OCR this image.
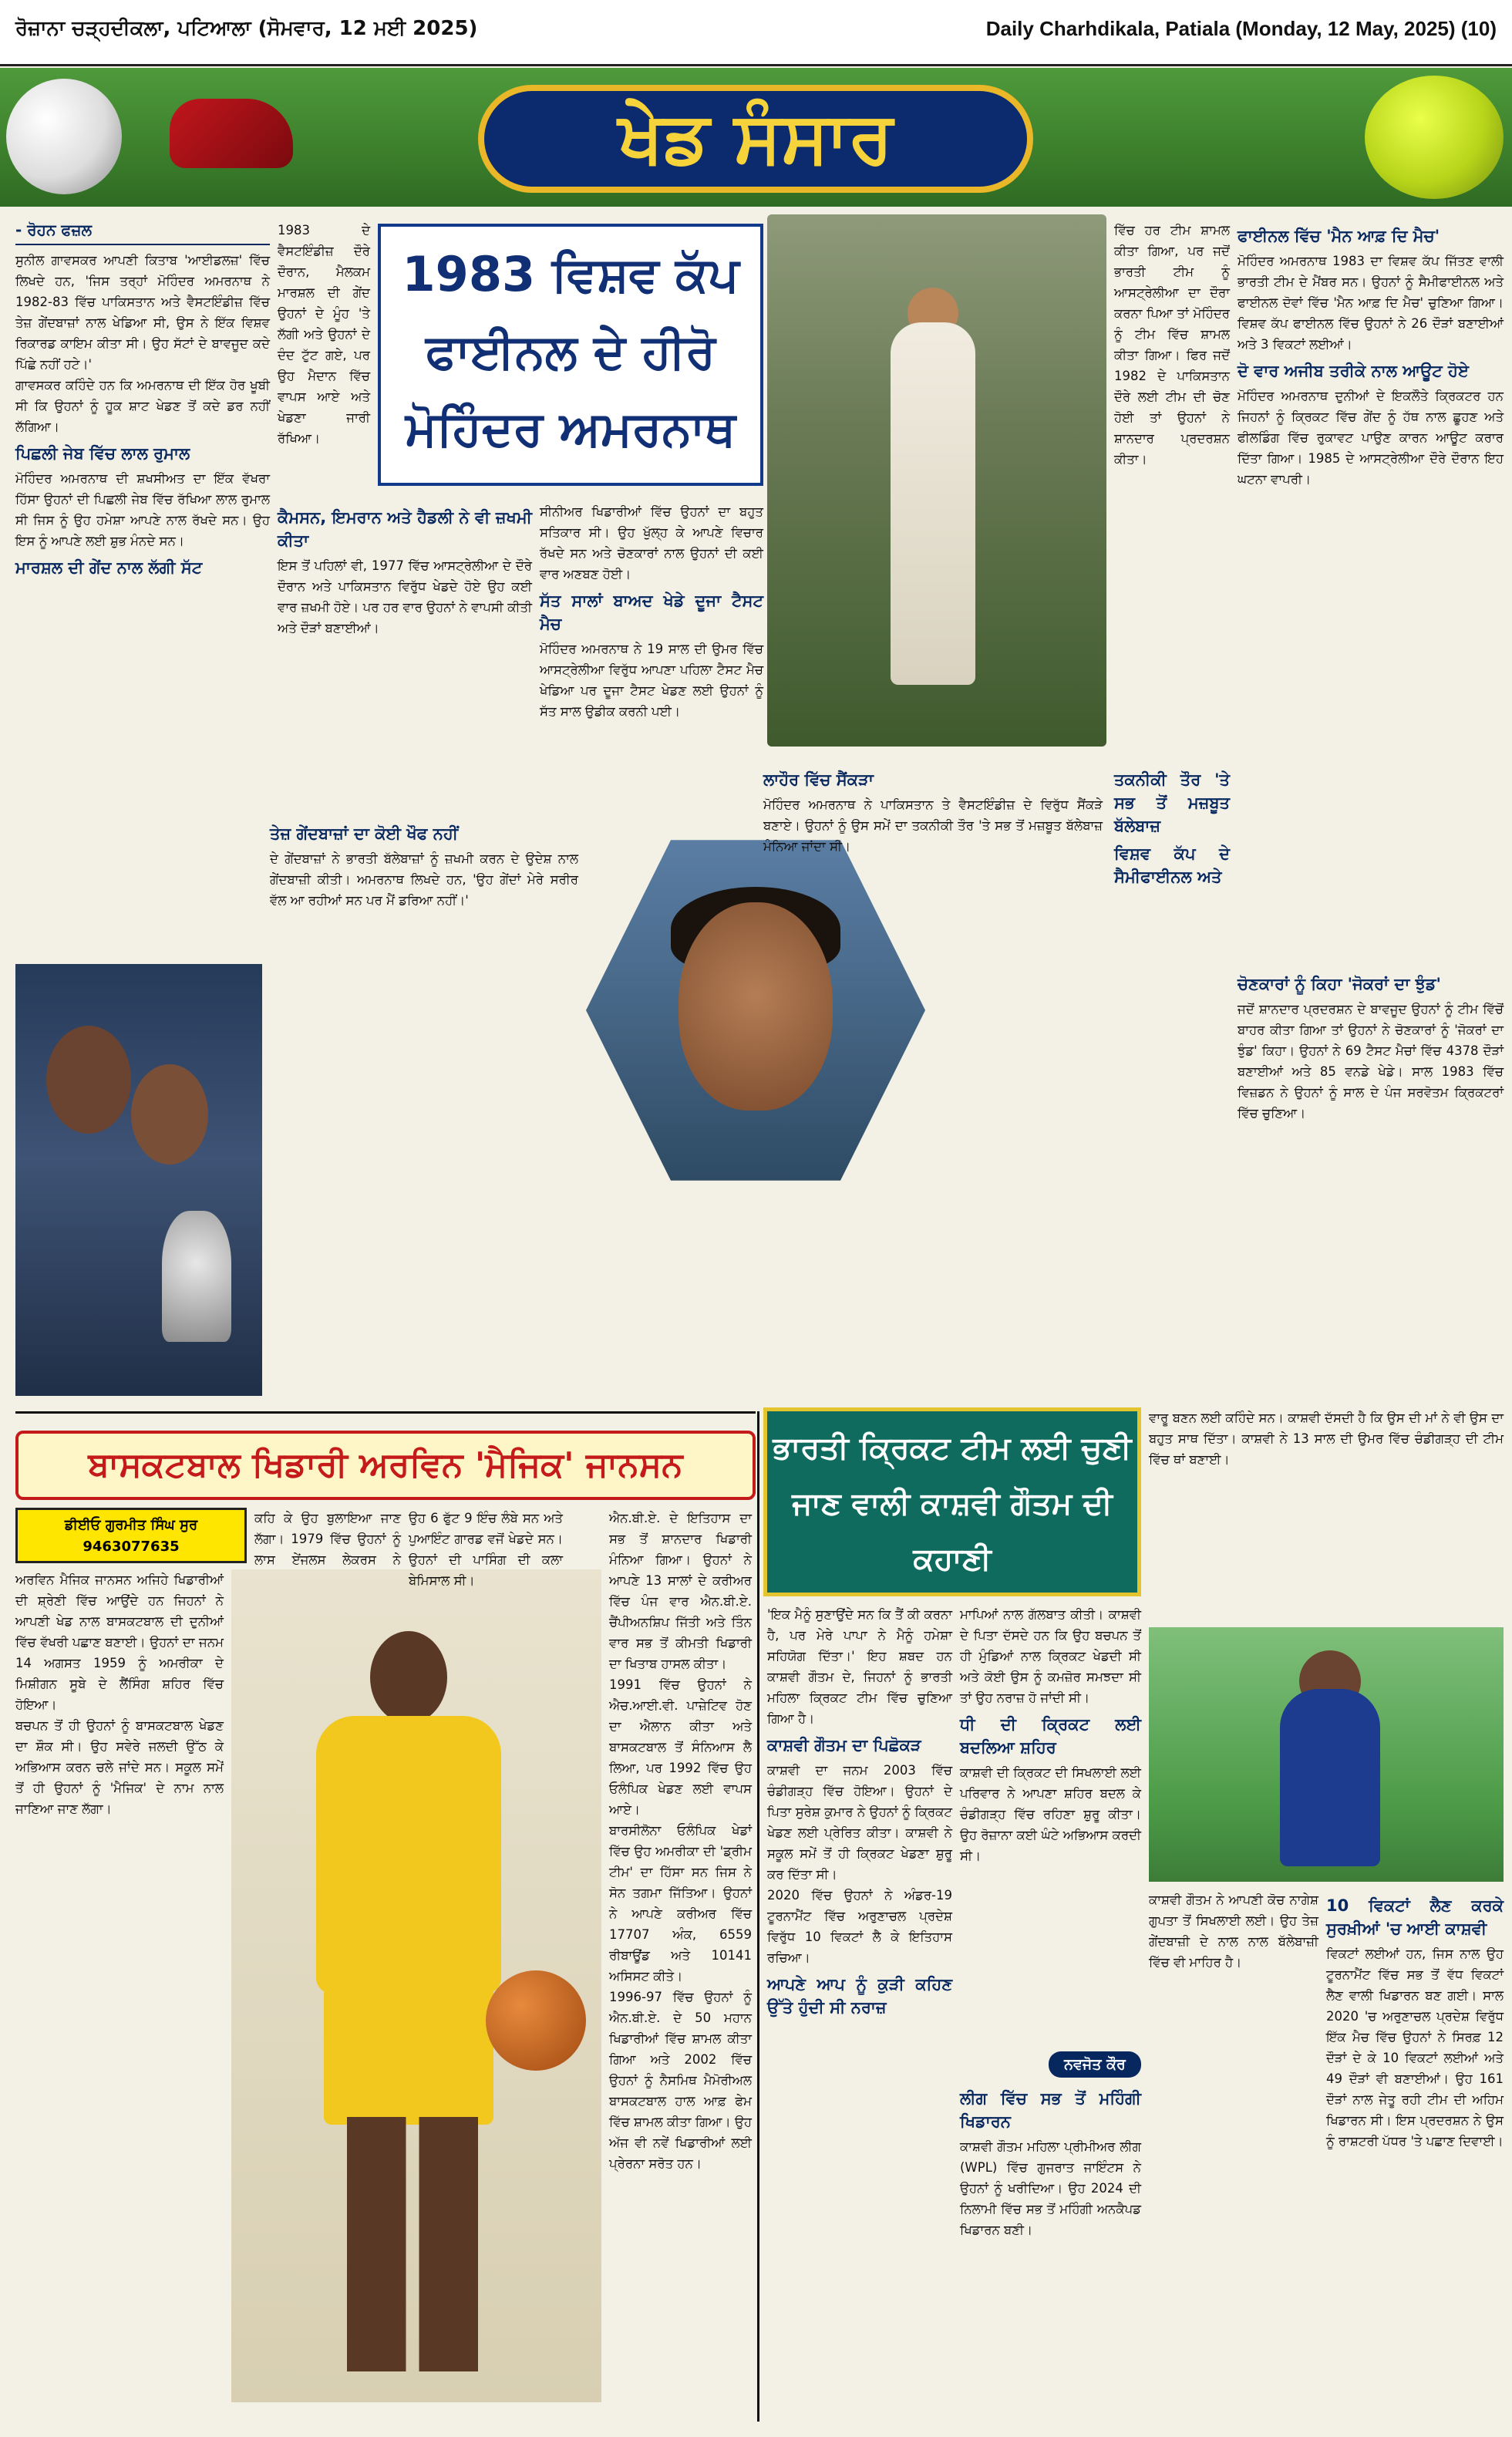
ਰੋਜ਼ਾਨਾ ਚੜ੍ਹਦੀਕਲਾ, ਪਟਿਆਲਾ (ਸੋਮਵਾਰ, 12 ਮਈ 2025)	Daily Charhdikala, Patiala (Monday, 12 May, 2025) (10)
ਖੇਡ ਸੰਸਾਰ
- ਰੋਹਨ ਫਜ਼ਲ

ਸੁਨੀਲ ਗਾਵਸਕਰ ਆਪਣੀ ਕਿਤਾਬ 'ਆਈਡਲਜ਼' ਵਿੱਚ ਲਿਖਦੇ ਹਨ, 'ਜਿਸ ਤਰ੍ਹਾਂ ਮੋਹਿੰਦਰ ਅਮਰਨਾਥ ਨੇ 1982-83 ਵਿੱਚ ਪਾਕਿਸਤਾਨ ਅਤੇ ਵੈਸਟਇੰਡੀਜ਼ ਵਿੱਚ ਤੇਜ਼ ਗੇਂਦਬਾਜ਼ਾਂ ਨਾਲ ਖੇਡਿਆ ਸੀ, ਉਸ ਨੇ ਇੱਕ ਵਿਸ਼ਵ ਰਿਕਾਰਡ ਕਾਇਮ ਕੀਤਾ ਸੀ। ਉਹ ਸੱਟਾਂ ਦੇ ਬਾਵਜੂਦ ਕਦੇ ਪਿੱਛੇ ਨਹੀਂ ਹਟੇ।'

ਗਾਵਸਕਰ ਕਹਿੰਦੇ ਹਨ ਕਿ ਅਮਰਨਾਥ ਦੀ ਇੱਕ ਹੋਰ ਖੂਬੀ ਸੀ ਕਿ ਉਹਨਾਂ ਨੂੰ ਹੂਕ ਸ਼ਾਟ ਖੇਡਣ ਤੋਂ ਕਦੇ ਡਰ ਨਹੀਂ ਲੱਗਿਆ।

ਪਿਛਲੀ ਜੇਬ ਵਿੱਚ ਲਾਲ ਰੁਮਾਲ

ਮੋਹਿੰਦਰ ਅਮਰਨਾਥ ਦੀ ਸ਼ਖਸੀਅਤ ਦਾ ਇੱਕ ਵੱਖਰਾ ਹਿੱਸਾ ਉਹਨਾਂ ਦੀ ਪਿਛਲੀ ਜੇਬ ਵਿੱਚ ਰੱਖਿਆ ਲਾਲ ਰੁਮਾਲ ਸੀ ਜਿਸ ਨੂੰ ਉਹ ਹਮੇਸ਼ਾ ਆਪਣੇ ਨਾਲ ਰੱਖਦੇ ਸਨ। ਉਹ ਇਸ ਨੂੰ ਆਪਣੇ ਲਈ ਸ਼ੁਭ ਮੰਨਦੇ ਸਨ।

ਮਾਰਸ਼ਲ ਦੀ ਗੇਂਦ ਨਾਲ ਲੱਗੀ ਸੱਟ

1983 ਦੇ ਵੈਸਟਇੰਡੀਜ਼ ਦੌਰੇ ਦੌਰਾਨ, ਮੈਲਕਮ ਮਾਰਸ਼ਲ ਦੀ ਗੇਂਦ ਉਹਨਾਂ ਦੇ ਮੂੰਹ 'ਤੇ ਲੱਗੀ ਅਤੇ ਉਹਨਾਂ ਦੇ ਦੰਦ ਟੁੱਟ ਗਏ, ਪਰ ਉਹ ਮੈਦਾਨ ਵਿੱਚ ਵਾਪਸ ਆਏ ਅਤੇ ਖੇਡਣਾ ਜਾਰੀ ਰੱਖਿਆ।

1983 ਵਿਸ਼ਵ ਕੱਪ ਫਾਈਨਲ ਦੇ ਹੀਰੋ ਮੋਹਿੰਦਰ ਅਮਰਨਾਥ
ਕੈਮਸਨ, ਇਮਰਾਨ ਅਤੇ ਹੈਡਲੀ ਨੇ ਵੀ ਜ਼ਖਮੀ ਕੀਤਾ

ਇਸ ਤੋਂ ਪਹਿਲਾਂ ਵੀ, 1977 ਵਿੱਚ ਆਸਟ੍ਰੇਲੀਆ ਦੇ ਦੌਰੇ ਦੌਰਾਨ ਅਤੇ ਪਾਕਿਸਤਾਨ ਵਿਰੁੱਧ ਖੇਡਦੇ ਹੋਏ ਉਹ ਕਈ ਵਾਰ ਜ਼ਖਮੀ ਹੋਏ। ਪਰ ਹਰ ਵਾਰ ਉਹਨਾਂ ਨੇ ਵਾਪਸੀ ਕੀਤੀ ਅਤੇ ਦੌੜਾਂ ਬਣਾਈਆਂ।

ਸੀਨੀਅਰ ਖਿਡਾਰੀਆਂ ਵਿੱਚ ਉਹਨਾਂ ਦਾ ਬਹੁਤ ਸਤਿਕਾਰ ਸੀ। ਉਹ ਖੁੱਲ੍ਹ ਕੇ ਆਪਣੇ ਵਿਚਾਰ ਰੱਖਦੇ ਸਨ ਅਤੇ ਚੋਣਕਾਰਾਂ ਨਾਲ ਉਹਨਾਂ ਦੀ ਕਈ ਵਾਰ ਅਣਬਣ ਹੋਈ।

ਸੱਤ ਸਾਲਾਂ ਬਾਅਦ ਖੇਡੇ ਦੂਜਾ ਟੈਸਟ ਮੈਚ

ਮੋਹਿੰਦਰ ਅਮਰਨਾਥ ਨੇ 19 ਸਾਲ ਦੀ ਉਮਰ ਵਿੱਚ ਆਸਟ੍ਰੇਲੀਆ ਵਿਰੁੱਧ ਆਪਣਾ ਪਹਿਲਾ ਟੈਸਟ ਮੈਚ ਖੇਡਿਆ ਪਰ ਦੂਜਾ ਟੈਸਟ ਖੇਡਣ ਲਈ ਉਹਨਾਂ ਨੂੰ ਸੱਤ ਸਾਲ ਉਡੀਕ ਕਰਨੀ ਪਈ।

ਵਿੱਚ ਹਰ ਟੀਮ ਸ਼ਾਮਲ ਕੀਤਾ ਗਿਆ, ਪਰ ਜਦੋਂ ਭਾਰਤੀ ਟੀਮ ਨੂੰ ਆਸਟ੍ਰੇਲੀਆ ਦਾ ਦੌਰਾ ਕਰਨਾ ਪਿਆ ਤਾਂ ਮੋਹਿੰਦਰ ਨੂੰ ਟੀਮ ਵਿੱਚ ਸ਼ਾਮਲ ਕੀਤਾ ਗਿਆ। ਫਿਰ ਜਦੋਂ 1982 ਦੇ ਪਾਕਿਸਤਾਨ ਦੌਰੇ ਲਈ ਟੀਮ ਦੀ ਚੋਣ ਹੋਈ ਤਾਂ ਉਹਨਾਂ ਨੇ ਸ਼ਾਨਦਾਰ ਪ੍ਰਦਰਸ਼ਨ ਕੀਤਾ।

ਫਾਈਨਲ ਵਿੱਚ 'ਮੈਨ ਆਫ਼ ਦਿ ਮੈਚ'

ਮੋਹਿੰਦਰ ਅਮਰਨਾਥ 1983 ਦਾ ਵਿਸ਼ਵ ਕੱਪ ਜਿੱਤਣ ਵਾਲੀ ਭਾਰਤੀ ਟੀਮ ਦੇ ਮੈਂਬਰ ਸਨ। ਉਹਨਾਂ ਨੂੰ ਸੈਮੀਫਾਈਨਲ ਅਤੇ ਫਾਈਨਲ ਦੋਵਾਂ ਵਿੱਚ 'ਮੈਨ ਆਫ਼ ਦਿ ਮੈਚ' ਚੁਣਿਆ ਗਿਆ। ਵਿਸ਼ਵ ਕੱਪ ਫਾਈਨਲ ਵਿੱਚ ਉਹਨਾਂ ਨੇ 26 ਦੌੜਾਂ ਬਣਾਈਆਂ ਅਤੇ 3 ਵਿਕਟਾਂ ਲਈਆਂ।

ਦੋ ਵਾਰ ਅਜੀਬ ਤਰੀਕੇ ਨਾਲ ਆਊਟ ਹੋਏ

ਮੋਹਿੰਦਰ ਅਮਰਨਾਥ ਦੁਨੀਆਂ ਦੇ ਇਕਲੌਤੇ ਕ੍ਰਿਕਟਰ ਹਨ ਜਿਹਨਾਂ ਨੂੰ ਕ੍ਰਿਕਟ ਵਿੱਚ ਗੇਂਦ ਨੂੰ ਹੱਥ ਨਾਲ ਛੂਹਣ ਅਤੇ ਫੀਲਡਿੰਗ ਵਿੱਚ ਰੁਕਾਵਟ ਪਾਉਣ ਕਾਰਨ ਆਊਟ ਕਰਾਰ ਦਿੱਤਾ ਗਿਆ। 1985 ਦੇ ਆਸਟ੍ਰੇਲੀਆ ਦੌਰੇ ਦੌਰਾਨ ਇਹ ਘਟਨਾ ਵਾਪਰੀ।

ਤੇਜ਼ ਗੇਂਦਬਾਜ਼ਾਂ ਦਾ ਕੋਈ ਖੌਫ ਨਹੀਂ

ਦੇ ਗੇਂਦਬਾਜ਼ਾਂ ਨੇ ਭਾਰਤੀ ਬੱਲੇਬਾਜ਼ਾਂ ਨੂੰ ਜ਼ਖਮੀ ਕਰਨ ਦੇ ਉਦੇਸ਼ ਨਾਲ ਗੇਂਦਬਾਜ਼ੀ ਕੀਤੀ। ਅਮਰਨਾਥ ਲਿਖਦੇ ਹਨ, 'ਉਹ ਗੇਂਦਾਂ ਮੇਰੇ ਸਰੀਰ ਵੱਲ ਆ ਰਹੀਆਂ ਸਨ ਪਰ ਮੈਂ ਡਰਿਆ ਨਹੀਂ।'

ਲਾਹੌਰ ਵਿੱਚ ਸੈਂਕੜਾ

ਮੋਹਿੰਦਰ ਅਮਰਨਾਥ ਨੇ ਪਾਕਿਸਤਾਨ ਤੇ ਵੈਸਟਇੰਡੀਜ਼ ਦੇ ਵਿਰੁੱਧ ਸੈਂਕੜੇ ਬਣਾਏ। ਉਹਨਾਂ ਨੂੰ ਉਸ ਸਮੇਂ ਦਾ ਤਕਨੀਕੀ ਤੌਰ 'ਤੇ ਸਭ ਤੋਂ ਮਜ਼ਬੂਤ ਬੱਲੇਬਾਜ਼ ਮੰਨਿਆ ਜਾਂਦਾ ਸੀ।

ਤਕਨੀਕੀ ਤੌਰ 'ਤੇ ਸਭ ਤੋਂ ਮਜ਼ਬੂਤ ਬੱਲੇਬਾਜ਼
ਵਿਸ਼ਵ ਕੱਪ ਦੇ ਸੈਮੀਫਾਈਨਲ ਅਤੇ
ਚੋਣਕਾਰਾਂ ਨੂੰ ਕਿਹਾ 'ਜੋਕਰਾਂ ਦਾ ਝੁੰਡ'

ਜਦੋਂ ਸ਼ਾਨਦਾਰ ਪ੍ਰਦਰਸ਼ਨ ਦੇ ਬਾਵਜੂਦ ਉਹਨਾਂ ਨੂੰ ਟੀਮ ਵਿੱਚੋਂ ਬਾਹਰ ਕੀਤਾ ਗਿਆ ਤਾਂ ਉਹਨਾਂ ਨੇ ਚੋਣਕਾਰਾਂ ਨੂੰ 'ਜੋਕਰਾਂ ਦਾ ਝੁੰਡ' ਕਿਹਾ। ਉਹਨਾਂ ਨੇ 69 ਟੈਸਟ ਮੈਚਾਂ ਵਿੱਚ 4378 ਦੌੜਾਂ ਬਣਾਈਆਂ ਅਤੇ 85 ਵਨਡੇ ਖੇਡੇ। ਸਾਲ 1983 ਵਿੱਚ ਵਿਜ਼ਡਨ ਨੇ ਉਹਨਾਂ ਨੂੰ ਸਾਲ ਦੇ ਪੰਜ ਸਰਵੋਤਮ ਕ੍ਰਿਕਟਰਾਂ ਵਿੱਚ ਚੁਣਿਆ।

ਬਾਸਕਟਬਾਲ ਖਿਡਾਰੀ ਅਰਵਿਨ 'ਮੈਜਿਕ' ਜਾਨਸਨ
ਡੀਈਓ ਗੁਰਮੀਤ ਸਿੰਘ ਸੁਰ
9463077635

ਅਰਵਿਨ ਮੈਜਿਕ ਜਾਨਸਨ ਅਜਿਹੇ ਖਿਡਾਰੀਆਂ ਦੀ ਸ਼੍ਰੇਣੀ ਵਿੱਚ ਆਉਂਦੇ ਹਨ ਜਿਹਨਾਂ ਨੇ ਆਪਣੀ ਖੇਡ ਨਾਲ ਬਾਸਕਟਬਾਲ ਦੀ ਦੁਨੀਆਂ ਵਿੱਚ ਵੱਖਰੀ ਪਛਾਣ ਬਣਾਈ। ਉਹਨਾਂ ਦਾ ਜਨਮ 14 ਅਗਸਤ 1959 ਨੂੰ ਅਮਰੀਕਾ ਦੇ ਮਿਸ਼ੀਗਨ ਸੂਬੇ ਦੇ ਲੈਂਸਿੰਗ ਸ਼ਹਿਰ ਵਿੱਚ ਹੋਇਆ।

ਬਚਪਨ ਤੋਂ ਹੀ ਉਹਨਾਂ ਨੂੰ ਬਾਸਕਟਬਾਲ ਖੇਡਣ ਦਾ ਸ਼ੌਕ ਸੀ। ਉਹ ਸਵੇਰੇ ਜਲਦੀ ਉੱਠ ਕੇ ਅਭਿਆਸ ਕਰਨ ਚਲੇ ਜਾਂਦੇ ਸਨ। ਸਕੂਲ ਸਮੇਂ ਤੋਂ ਹੀ ਉਹਨਾਂ ਨੂੰ 'ਮੈਜਿਕ' ਦੇ ਨਾਮ ਨਾਲ ਜਾਣਿਆ ਜਾਣ ਲੱਗਾ।

ਕਹਿ ਕੇ ਉਹ ਬੁਲਾਇਆ ਜਾਣ ਲੱਗਾ। 1979 ਵਿੱਚ ਉਹਨਾਂ ਨੂੰ ਲਾਸ ਏਂਜਲਸ ਲੇਕਰਸ ਨੇ

ਉਹ 6 ਫੁੱਟ 9 ਇੰਚ ਲੰਬੇ ਸਨ ਅਤੇ ਪੁਆਇੰਟ ਗਾਰਡ ਵਜੋਂ ਖੇਡਦੇ ਸਨ। ਉਹਨਾਂ ਦੀ ਪਾਸਿੰਗ ਦੀ ਕਲਾ ਬੇਮਿਸਾਲ ਸੀ।

ਐਨ.ਬੀ.ਏ. ਦੇ ਇਤਿਹਾਸ ਦਾ ਸਭ ਤੋਂ ਸ਼ਾਨਦਾਰ ਖਿਡਾਰੀ ਮੰਨਿਆ ਗਿਆ। ਉਹਨਾਂ ਨੇ ਆਪਣੇ 13 ਸਾਲਾਂ ਦੇ ਕਰੀਅਰ ਵਿੱਚ ਪੰਜ ਵਾਰ ਐਨ.ਬੀ.ਏ. ਚੈਂਪੀਅਨਸ਼ਿਪ ਜਿੱਤੀ ਅਤੇ ਤਿੰਨ ਵਾਰ ਸਭ ਤੋਂ ਕੀਮਤੀ ਖਿਡਾਰੀ ਦਾ ਖਿਤਾਬ ਹਾਸਲ ਕੀਤਾ।

1991 ਵਿੱਚ ਉਹਨਾਂ ਨੇ ਐਚ.ਆਈ.ਵੀ. ਪਾਜ਼ੇਟਿਵ ਹੋਣ ਦਾ ਐਲਾਨ ਕੀਤਾ ਅਤੇ ਬਾਸਕਟਬਾਲ ਤੋਂ ਸੰਨਿਆਸ ਲੈ ਲਿਆ, ਪਰ 1992 ਵਿੱਚ ਉਹ ਓਲੰਪਿਕ ਖੇਡਣ ਲਈ ਵਾਪਸ ਆਏ।

ਬਾਰਸੀਲੋਨਾ ਓਲੰਪਿਕ ਖੇਡਾਂ ਵਿੱਚ ਉਹ ਅਮਰੀਕਾ ਦੀ 'ਡ੍ਰੀਮ ਟੀਮ' ਦਾ ਹਿੱਸਾ ਸਨ ਜਿਸ ਨੇ ਸੋਨ ਤਗਮਾ ਜਿੱਤਿਆ। ਉਹਨਾਂ ਨੇ ਆਪਣੇ ਕਰੀਅਰ ਵਿੱਚ 17707 ਅੰਕ, 6559 ਰੀਬਾਊਂਡ ਅਤੇ 10141 ਅਸਿਸਟ ਕੀਤੇ।

1996-97 ਵਿੱਚ ਉਹਨਾਂ ਨੂੰ ਐਨ.ਬੀ.ਏ. ਦੇ 50 ਮਹਾਨ ਖਿਡਾਰੀਆਂ ਵਿੱਚ ਸ਼ਾਮਲ ਕੀਤਾ ਗਿਆ ਅਤੇ 2002 ਵਿੱਚ ਉਹਨਾਂ ਨੂੰ ਨੈਸਮਿਥ ਮੈਮੋਰੀਅਲ ਬਾਸਕਟਬਾਲ ਹਾਲ ਆਫ਼ ਫੇਮ ਵਿੱਚ ਸ਼ਾਮਲ ਕੀਤਾ ਗਿਆ। ਉਹ ਅੱਜ ਵੀ ਨਵੇਂ ਖਿਡਾਰੀਆਂ ਲਈ ਪ੍ਰੇਰਨਾ ਸਰੋਤ ਹਨ।

ਭਾਰਤੀ ਕ੍ਰਿਕਟ ਟੀਮ ਲਈ ਚੁਣੀ ਜਾਣ ਵਾਲੀ ਕਾਸ਼ਵੀ ਗੌਤਮ ਦੀ ਕਹਾਣੀ

'ਇਕ ਮੈਨੂੰ ਸੁਣਾਉਂਦੇ ਸਨ ਕਿ ਤੈਂ ਕੀ ਕਰਨਾ ਹੈ, ਪਰ ਮੇਰੇ ਪਾਪਾ ਨੇ ਮੈਨੂੰ ਹਮੇਸ਼ਾ ਸਹਿਯੋਗ ਦਿੱਤਾ।' ਇਹ ਸ਼ਬਦ ਹਨ ਕਾਸ਼ਵੀ ਗੌਤਮ ਦੇ, ਜਿਹਨਾਂ ਨੂੰ ਭਾਰਤੀ ਮਹਿਲਾ ਕ੍ਰਿਕਟ ਟੀਮ ਵਿੱਚ ਚੁਣਿਆ ਗਿਆ ਹੈ।

ਕਾਸ਼ਵੀ ਗੌਤਮ ਦਾ ਪਿਛੋਕੜ

ਕਾਸ਼ਵੀ ਦਾ ਜਨਮ 2003 ਵਿੱਚ ਚੰਡੀਗੜ੍ਹ ਵਿੱਚ ਹੋਇਆ। ਉਹਨਾਂ ਦੇ ਪਿਤਾ ਸੁਰੇਸ਼ ਕੁਮਾਰ ਨੇ ਉਹਨਾਂ ਨੂੰ ਕ੍ਰਿਕਟ ਖੇਡਣ ਲਈ ਪ੍ਰੇਰਿਤ ਕੀਤਾ। ਕਾਸ਼ਵੀ ਨੇ ਸਕੂਲ ਸਮੇਂ ਤੋਂ ਹੀ ਕ੍ਰਿਕਟ ਖੇਡਣਾ ਸ਼ੁਰੂ ਕਰ ਦਿੱਤਾ ਸੀ।

2020 ਵਿੱਚ ਉਹਨਾਂ ਨੇ ਅੰਡਰ-19 ਟੂਰਨਾਮੈਂਟ ਵਿੱਚ ਅਰੁਣਾਚਲ ਪ੍ਰਦੇਸ਼ ਵਿਰੁੱਧ 10 ਵਿਕਟਾਂ ਲੈ ਕੇ ਇਤਿਹਾਸ ਰਚਿਆ।

ਆਪਣੇ ਆਪ ਨੂੰ ਕੁੜੀ ਕਹਿਣ ਉੱਤੇ ਹੁੰਦੀ ਸੀ ਨਰਾਜ਼

ਮਾਪਿਆਂ ਨਾਲ ਗੱਲਬਾਤ ਕੀਤੀ। ਕਾਸ਼ਵੀ ਦੇ ਪਿਤਾ ਦੱਸਦੇ ਹਨ ਕਿ ਉਹ ਬਚਪਨ ਤੋਂ ਹੀ ਮੁੰਡਿਆਂ ਨਾਲ ਕ੍ਰਿਕਟ ਖੇਡਦੀ ਸੀ ਅਤੇ ਕੋਈ ਉਸ ਨੂੰ ਕਮਜ਼ੋਰ ਸਮਝਦਾ ਸੀ ਤਾਂ ਉਹ ਨਰਾਜ਼ ਹੋ ਜਾਂਦੀ ਸੀ।

ਧੀ ਦੀ ਕ੍ਰਿਕਟ ਲਈ ਬਦਲਿਆ ਸ਼ਹਿਰ

ਕਾਸ਼ਵੀ ਦੀ ਕ੍ਰਿਕਟ ਦੀ ਸਿਖਲਾਈ ਲਈ ਪਰਿਵਾਰ ਨੇ ਆਪਣਾ ਸ਼ਹਿਰ ਬਦਲ ਕੇ ਚੰਡੀਗੜ੍ਹ ਵਿੱਚ ਰਹਿਣਾ ਸ਼ੁਰੂ ਕੀਤਾ। ਉਹ ਰੋਜ਼ਾਨਾ ਕਈ ਘੰਟੇ ਅਭਿਆਸ ਕਰਦੀ ਸੀ।

ਨਵਜੋਤ ਕੌਰ
ਲੀਗ ਵਿੱਚ ਸਭ ਤੋਂ ਮਹਿੰਗੀ ਖਿਡਾਰਨ

ਕਾਸ਼ਵੀ ਗੌਤਮ ਮਹਿਲਾ ਪ੍ਰੀਮੀਅਰ ਲੀਗ (WPL) ਵਿੱਚ ਗੁਜਰਾਤ ਜਾਇੰਟਸ ਨੇ ਉਹਨਾਂ ਨੂੰ ਖਰੀਦਿਆ। ਉਹ 2024 ਦੀ ਨਿਲਾਮੀ ਵਿੱਚ ਸਭ ਤੋਂ ਮਹਿੰਗੀ ਅਨਕੈਪਡ ਖਿਡਾਰਨ ਬਣੀ।

ਵਾਰੂ ਬਣਨ ਲਈ ਕਹਿੰਦੇ ਸਨ। ਕਾਸ਼ਵੀ ਦੱਸਦੀ ਹੈ ਕਿ ਉਸ ਦੀ ਮਾਂ ਨੇ ਵੀ ਉਸ ਦਾ ਬਹੁਤ ਸਾਥ ਦਿੱਤਾ। ਕਾਸ਼ਵੀ ਨੇ 13 ਸਾਲ ਦੀ ਉਮਰ ਵਿੱਚ ਚੰਡੀਗੜ੍ਹ ਦੀ ਟੀਮ ਵਿੱਚ ਥਾਂ ਬਣਾਈ।

ਕਾਸ਼ਵੀ ਗੌਤਮ ਨੇ ਆਪਣੀ ਕੋਚ ਨਾਗੇਸ਼ ਗੁਪਤਾ ਤੋਂ ਸਿਖਲਾਈ ਲਈ। ਉਹ ਤੇਜ਼ ਗੇਂਦਬਾਜ਼ੀ ਦੇ ਨਾਲ ਨਾਲ ਬੱਲੇਬਾਜ਼ੀ ਵਿੱਚ ਵੀ ਮਾਹਿਰ ਹੈ।

10 ਵਿਕਟਾਂ ਲੈਣ ਕਰਕੇ ਸੁਰਖ਼ੀਆਂ 'ਚ ਆਈ ਕਾਸ਼ਵੀ

ਵਿਕਟਾਂ ਲਈਆਂ ਹਨ, ਜਿਸ ਨਾਲ ਉਹ ਟੂਰਨਾਮੈਂਟ ਵਿੱਚ ਸਭ ਤੋਂ ਵੱਧ ਵਿਕਟਾਂ ਲੈਣ ਵਾਲੀ ਖਿਡਾਰਨ ਬਣ ਗਈ। ਸਾਲ 2020 'ਚ ਅਰੁਣਾਚਲ ਪ੍ਰਦੇਸ਼ ਵਿਰੁੱਧ ਇੱਕ ਮੈਚ ਵਿੱਚ ਉਹਨਾਂ ਨੇ ਸਿਰਫ਼ 12 ਦੌੜਾਂ ਦੇ ਕੇ 10 ਵਿਕਟਾਂ ਲਈਆਂ ਅਤੇ 49 ਦੌੜਾਂ ਵੀ ਬਣਾਈਆਂ। ਉਹ 161 ਦੌੜਾਂ ਨਾਲ ਜੇਤੂ ਰਹੀ ਟੀਮ ਦੀ ਅਹਿਮ ਖਿਡਾਰਨ ਸੀ। ਇਸ ਪ੍ਰਦਰਸ਼ਨ ਨੇ ਉਸ ਨੂੰ ਰਾਸ਼ਟਰੀ ਪੱਧਰ 'ਤੇ ਪਛਾਣ ਦਿਵਾਈ।
